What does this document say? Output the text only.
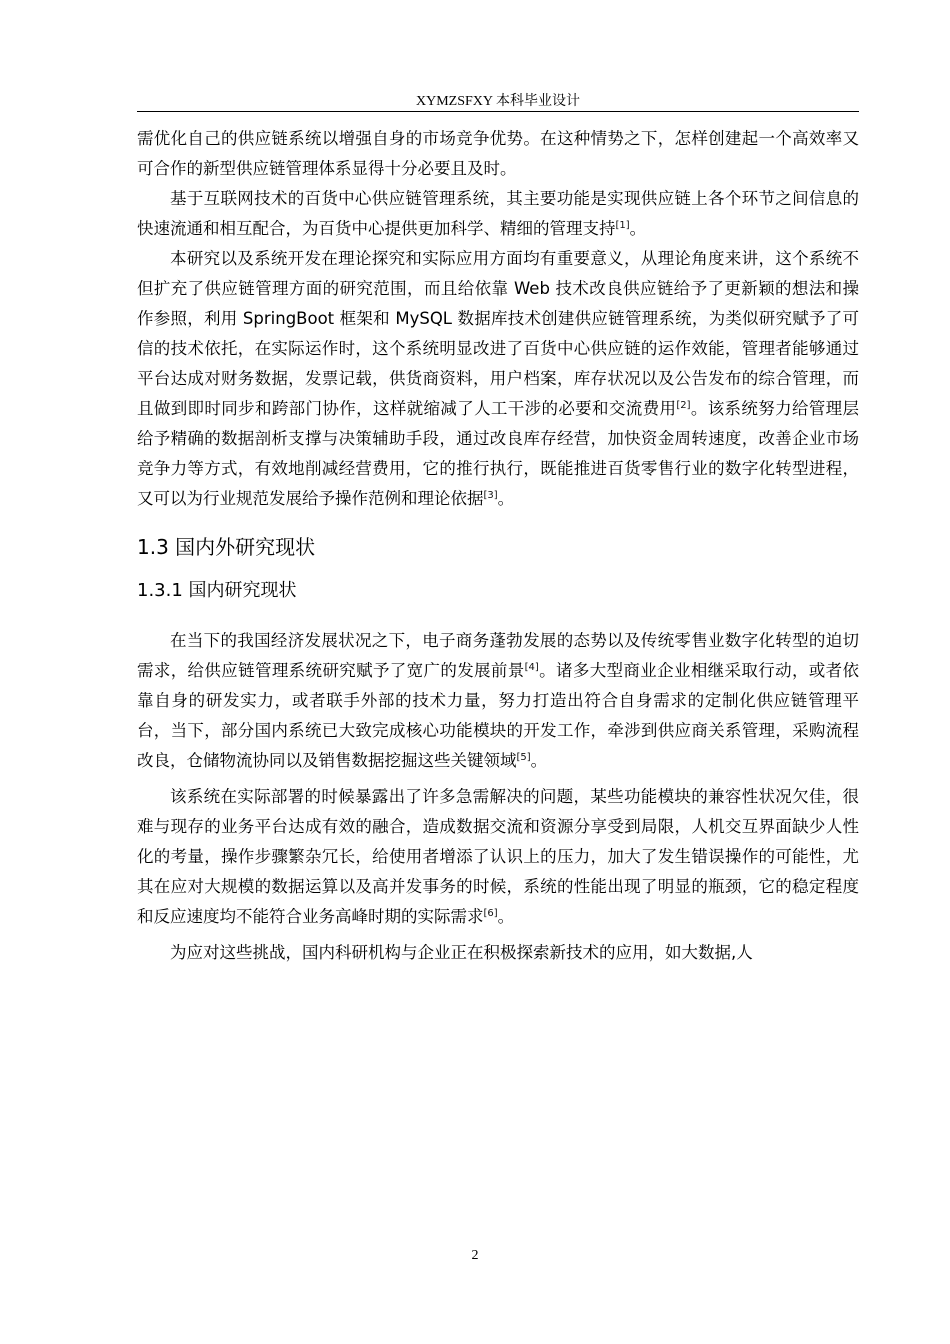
XYMZSFXY 本科毕业设计

需优化自己的供应链系统以增强自身的市场竞争优势。在这种情势之下，怎样创建起一个高效率又可合作的新型供应链管理体系显得十分必要且及时。

基于互联网技术的百货中心供应链管理系统，其主要功能是实现供应链上各个环节之间信息的快速流通和相互配合，为百货中心提供更加科学、精细的管理支持[1]。

本研究以及系统开发在理论探究和实际应用方面均有重要意义，从理论角度来讲，这个系统不但扩充了供应链管理方面的研究范围，而且给依靠 Web 技术改良供应链给予了更新颖的想法和操作参照，利用 SpringBoot 框架和 MySQL 数据库技术创建供应链管理系统，为类似研究赋予了可信的技术依托，在实际运作时，这个系统明显改进了百货中心供应链的运作效能，管理者能够通过平台达成对财务数据，发票记载，供货商资料，用户档案，库存状况以及公告发布的综合管理，而且做到即时同步和跨部门协作，这样就缩减了人工干涉的必要和交流费用[2]。该系统努力给管理层给予精确的数据剖析支撑与决策辅助手段，通过改良库存经营，加快资金周转速度，改善企业市场竞争力等方式，有效地削减经营费用，它的推行执行，既能推进百货零售行业的数字化转型进程，又可以为行业规范发展给予操作范例和理论依据[3]。

1.3 国内外研究现状
1.3.1 国内研究现状

在当下的我国经济发展状况之下，电子商务蓬勃发展的态势以及传统零售业数字化转型的迫切需求，给供应链管理系统研究赋予了宽广的发展前景[4]。诸多大型商业企业相继采取行动，或者依靠自身的研发实力，或者联手外部的技术力量，努力打造出符合自身需求的定制化供应链管理平台，当下，部分国内系统已大致完成核心功能模块的开发工作，牵涉到供应商关系管理，采购流程改良，仓储物流协同以及销售数据挖掘这些关键领域[5]。

该系统在实际部署的时候暴露出了许多急需解决的问题，某些功能模块的兼容性状况欠佳，很难与现存的业务平台达成有效的融合，造成数据交流和资源分享受到局限，人机交互界面缺少人性化的考量，操作步骤繁杂冗长，给使用者增添了认识上的压力，加大了发生错误操作的可能性，尤其在应对大规模的数据运算以及高并发事务的时候，系统的性能出现了明显的瓶颈，它的稳定程度和反应速度均不能符合业务高峰时期的实际需求[6]。

为应对这些挑战，国内科研机构与企业正在积极探索新技术的应用，如大数据,人

2
